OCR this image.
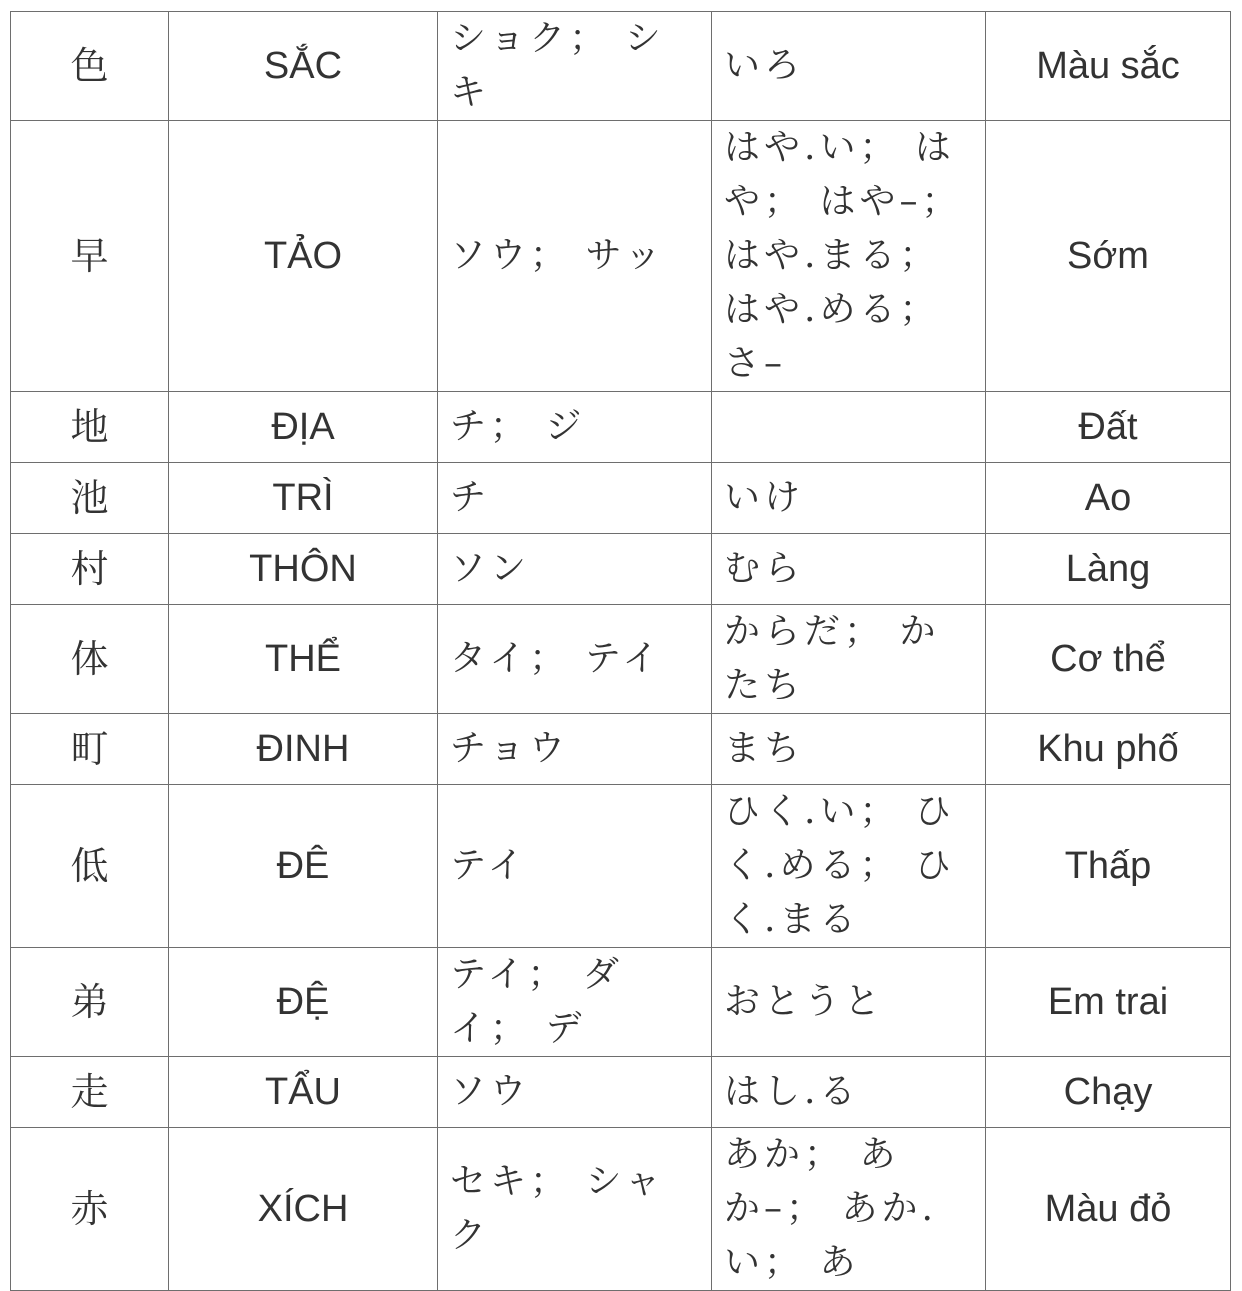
色	SẮC	ショク； シキ	いろ	Màu sắc
早	TẢO	ソウ； サッ	はや.い； はや； はや–； はや.まる； はや.める； さ–	Sớm
地	ĐỊA	チ； ジ		Đất
池	TRÌ	チ	いけ	Ao
村	THÔN	ソン	むら	Làng
体	THỂ	タイ； テイ	からだ； かたち	Cơ thể
町	ĐINH	チョウ	まち	Khu phố
低	ĐÊ	テイ	ひく.い； ひく.める； ひく.まる	Thấp
弟	ĐỆ	テイ； ダイ； デ	おとうと	Em trai
走	TẨU	ソウ	はし.る	Chạy
赤	XÍCH	セキ； シャク	あか； あか–； あか.い； あ	Màu đỏ
